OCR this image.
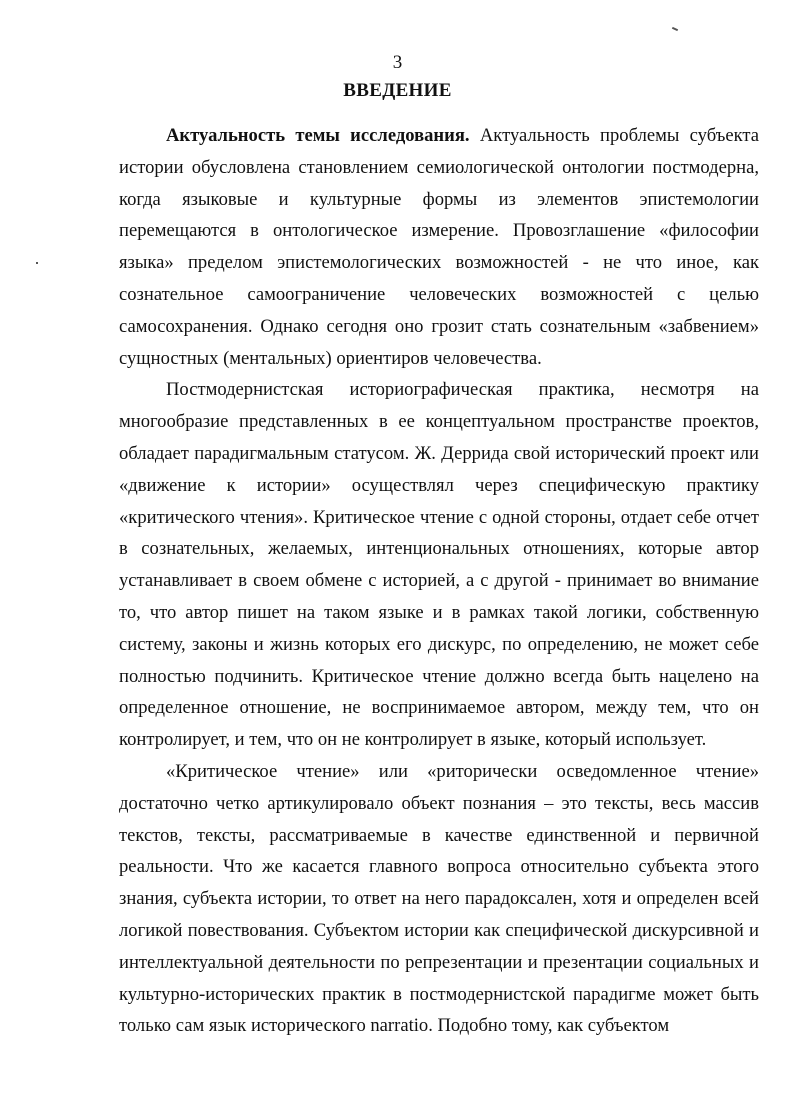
3
ВВЕДЕНИЕ

Актуальность темы исследования. Актуальность проблемы субъекта истории обусловлена становлением семиологической онтологии постмодерна, когда языковые и культурные формы из элементов эпистемологии перемещаются в онтологическое измерение. Провозглашение «философии языка» пределом эпистемологических возможностей - не что иное, как сознательное самоограничение человеческих возможностей с целью самосохранения. Однако сегодня оно грозит стать сознательным «забвением» сущностных (ментальных) ориентиров человечества.

Постмодернистская историографическая практика, несмотря на многообразие представленных в ее концептуальном пространстве проектов, обладает парадигмальным статусом. Ж. Деррида свой исторический проект или «движение к истории» осуществлял через специфическую практику «критического чтения». Критическое чтение с одной стороны, отдает себе отчет в сознательных, желаемых, интенциональных отношениях, которые автор устанавливает в своем обмене с историей, а с другой - принимает во внимание то, что автор пишет на таком языке и в рамках такой логики, собственную систему, законы и жизнь которых его дискурс, по определению, не может себе полностью подчинить. Критическое чтение должно всегда быть нацелено на определенное отношение, не воспринимаемое автором, между тем, что он контролирует, и тем, что он не контролирует в языке, который использует.

«Критическое чтение» или «риторически осведомленное чтение» достаточно четко артикулировало объект познания – это тексты, весь массив текстов, тексты, рассматриваемые в качестве единственной и первичной реальности. Что же касается главного вопроса относительно субъекта этого знания, субъекта истории, то ответ на него парадоксален, хотя и определен всей логикой повествования. Субъектом истории как специфической дискурсивной и интеллектуальной деятельности по репрезентации и презентации социальных и культурно-исторических практик в постмодернистской парадигме может быть только сам язык исторического narratio. Подобно тому, как субъектом
